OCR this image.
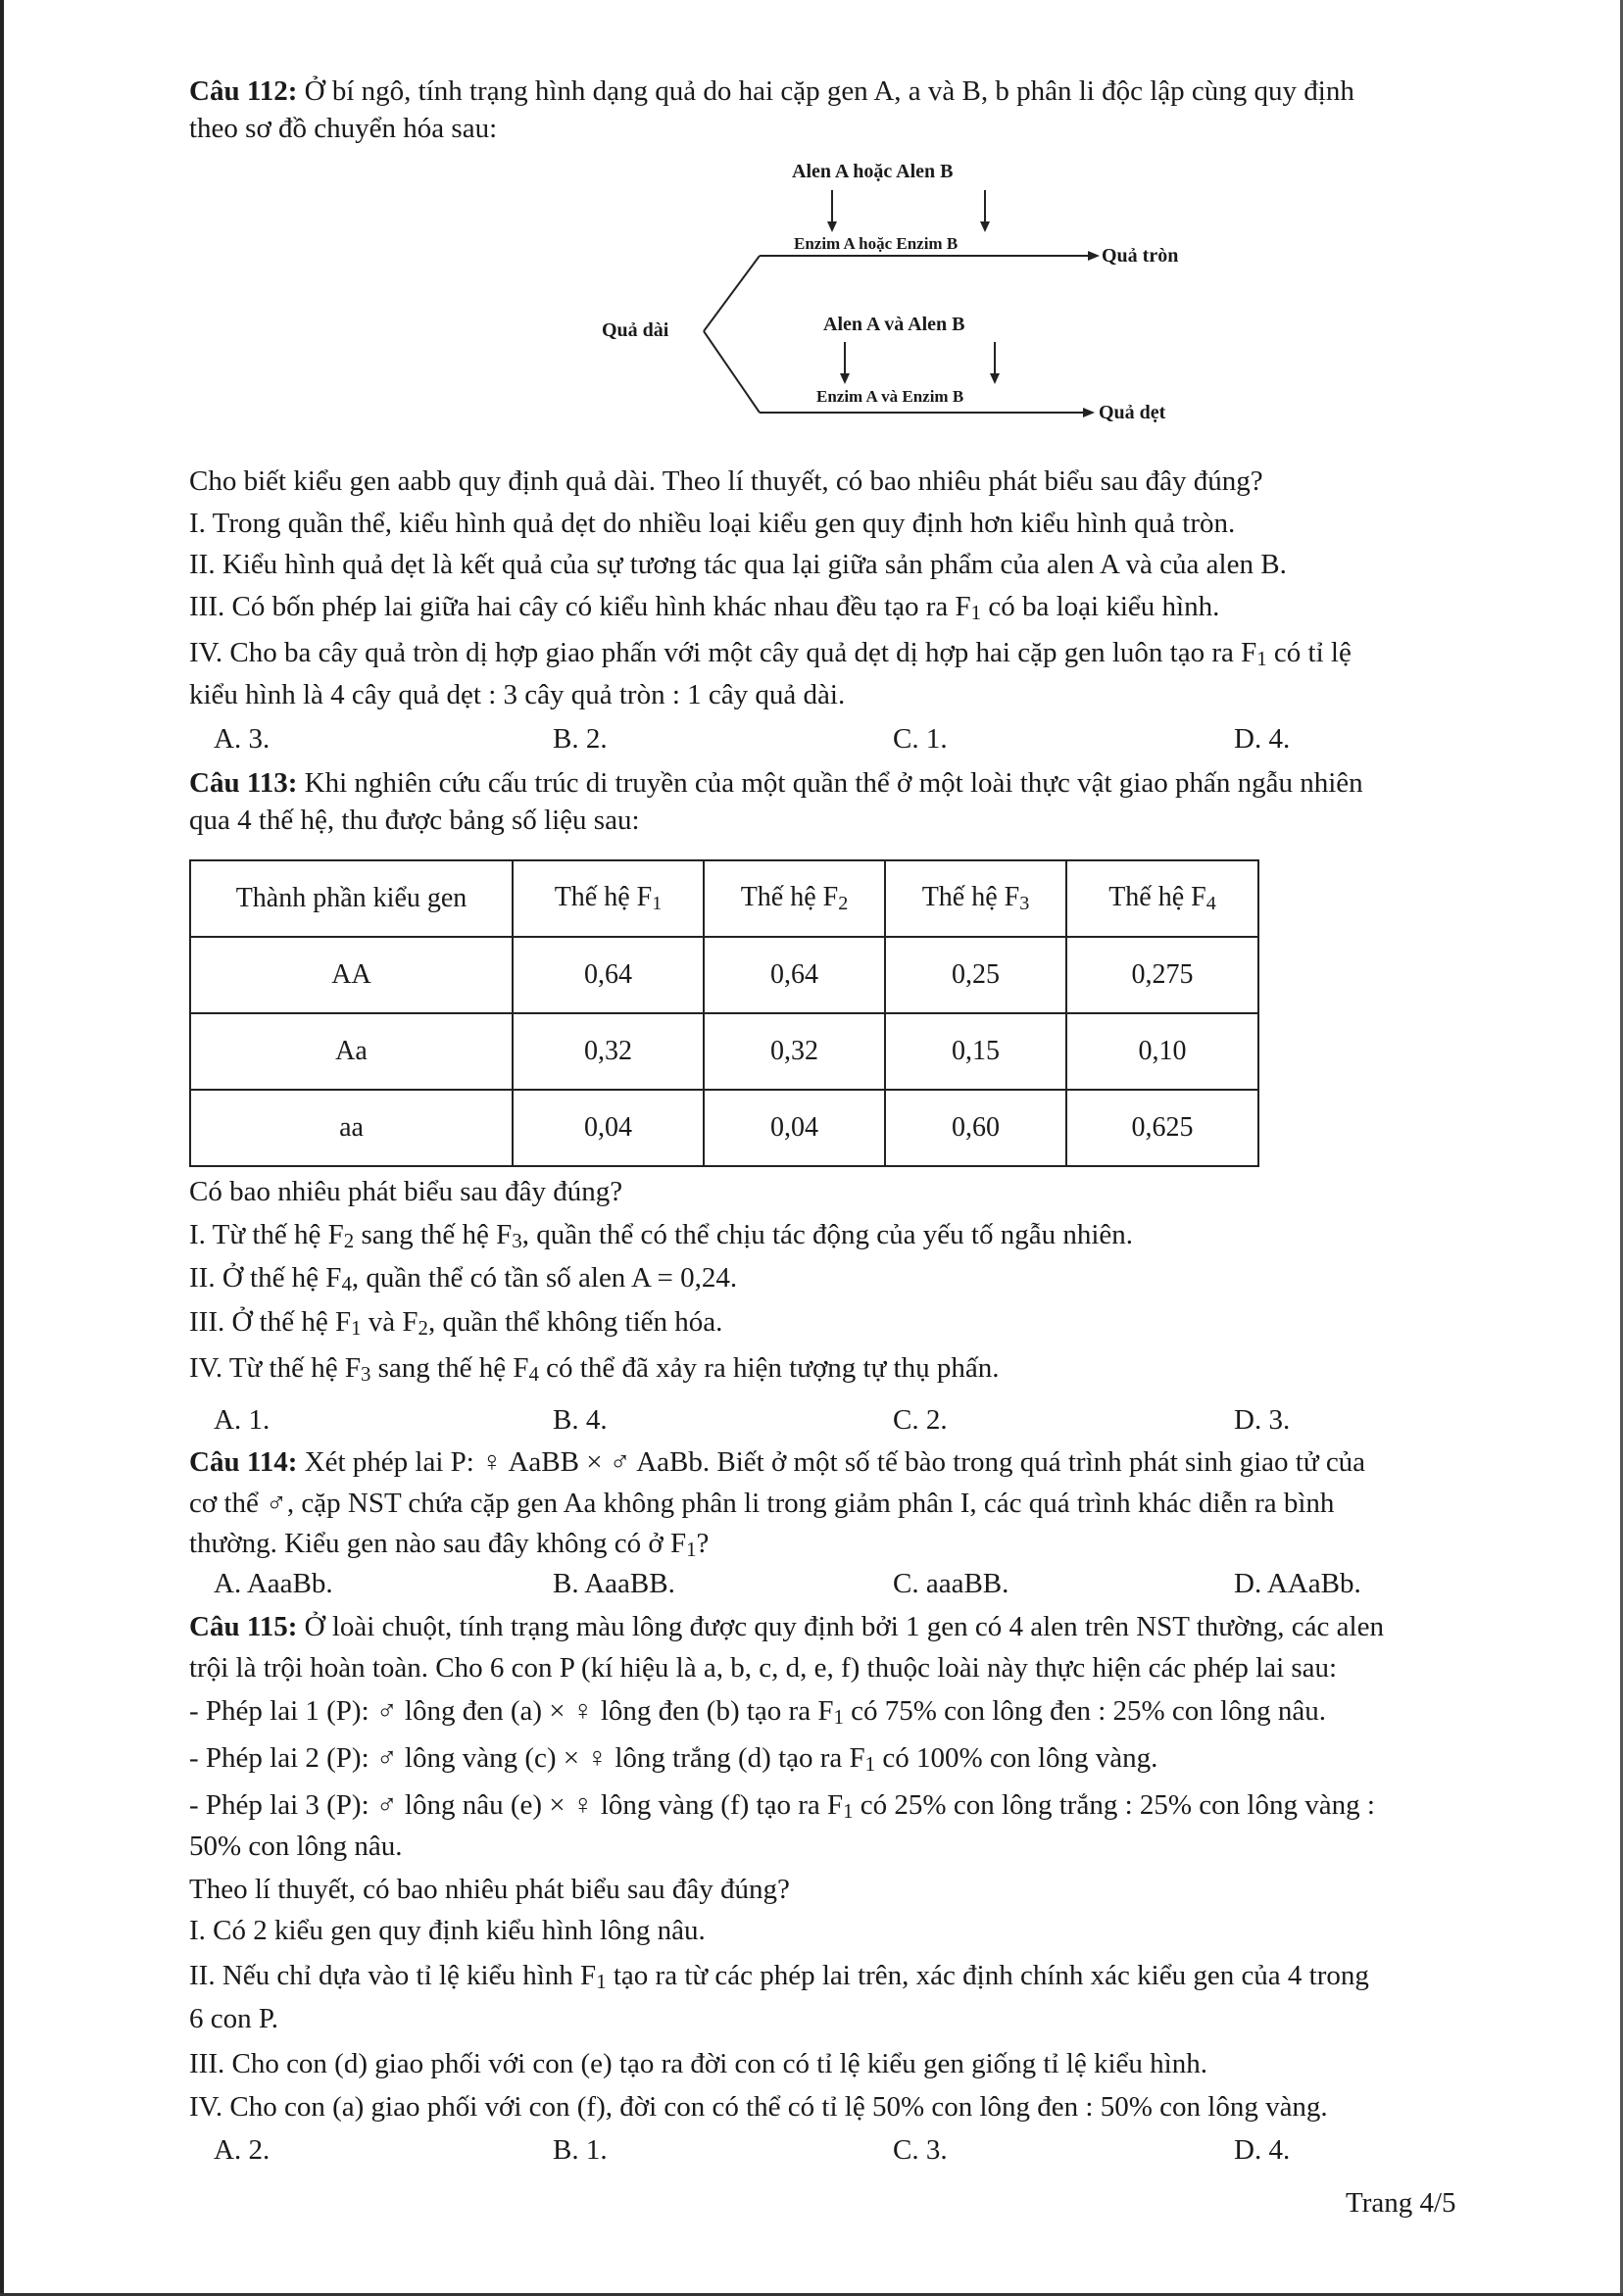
Câu 112: Ở bí ngô, tính trạng hình dạng quả do hai cặp gen A, a và B, b phân li độc lập cùng quy định
theo sơ đồ chuyển hóa sau:
Alen A hoặc Alen B
Enzim A hoặc Enzim B
Quả tròn
Quả dài	Alen A và Alen B
Enzim A và Enzim B
Quả dẹt
Cho biết kiểu gen aabb quy định quả dài. Theo lí thuyết, có bao nhiêu phát biểu sau đây đúng?
I. Trong quần thể, kiểu hình quả dẹt do nhiều loại kiểu gen quy định hơn kiểu hình quả tròn.
II. Kiểu hình quả dẹt là kết quả của sự tương tác qua lại giữa sản phẩm của alen A và của alen B.
III. Có bốn phép lai giữa hai cây có kiểu hình khác nhau đều tạo ra $F_1$ có ba loại kiểu hình.
IV. Cho ba cây quả tròn dị hợp giao phấn với một cây quả dẹt dị hợp hai cặp gen luôn tạo ra $F_1$ có tỉ lệ
kiểu hình là 4 cây quả dẹt : 3 cây quả tròn : 1 cây quả dài.
A. 3.	B. 2.	C. 1.	D. 4.
Câu 113: Khi nghiên cứu cấu trúc di truyền của một quần thể ở một loài thực vật giao phấn ngẫu nhiên
qua 4 thế hệ, thu được bảng số liệu sau:
Thành phần kiểu gen	Thế hệ $F_1$	Thế hệ $F_2$	Thế hệ $F_3$	Thế hệ $F_4$
AA	0,64	0,64	0,25	0,275
Aa	0,32	0,32	0,15	0,10
aa	0,04	0,04	0,60	0,625
Có bao nhiêu phát biểu sau đây đúng?
I. Từ thế hệ $F_2$ sang thế hệ $F_3$, quần thể có thể chịu tác động của yếu tố ngẫu nhiên.
II. Ở thế hệ $F_4$, quần thể có tần số alen A = 0,24.
III. Ở thế hệ $F_1$ và $F_2$, quần thể không tiến hóa.
IV. Từ thế hệ $F_3$ sang thế hệ $F_4$ có thể đã xảy ra hiện tượng tự thụ phấn.
A. 1.	B. 4.	C. 2.	D. 3.
Câu 114: Xét phép lai P: ♀ AaBB × ♂ AaBb. Biết ở một số tế bào trong quá trình phát sinh giao tử của
cơ thể ♂, cặp NST chứa cặp gen Aa không phân li trong giảm phân I, các quá trình khác diễn ra bình
thường. Kiểu gen nào sau đây không có ở $F_1$?
A. AaaBb.	B. AaaBB.	C. aaaBB.	D. AAaBb.
Câu 115: Ở loài chuột, tính trạng màu lông được quy định bởi 1 gen có 4 alen trên NST thường, các alen
trội là trội hoàn toàn. Cho 6 con P (kí hiệu là a, b, c, d, e, f) thuộc loài này thực hiện các phép lai sau:
- Phép lai 1 (P): ♂ lông đen (a) × ♀ lông đen (b) tạo ra $F_1$ có 75% con lông đen : 25% con lông nâu.
- Phép lai 2 (P): ♂ lông vàng (c) × ♀ lông trắng (d) tạo ra $F_1$ có 100% con lông vàng.
- Phép lai 3 (P): ♂ lông nâu (e) × ♀ lông vàng (f) tạo ra $F_1$ có 25% con lông trắng : 25% con lông vàng :
50% con lông nâu.
Theo lí thuyết, có bao nhiêu phát biểu sau đây đúng?
I. Có 2 kiểu gen quy định kiểu hình lông nâu.
II. Nếu chỉ dựa vào tỉ lệ kiểu hình $F_1$ tạo ra từ các phép lai trên, xác định chính xác kiểu gen của 4 trong
6 con P.
III. Cho con (d) giao phối với con (e) tạo ra đời con có tỉ lệ kiểu gen giống tỉ lệ kiểu hình.
IV. Cho con (a) giao phối với con (f), đời con có thể có tỉ lệ 50% con lông đen : 50% con lông vàng.
A. 2.	B. 1.	C. 3.	D. 4.
Trang 4/5
